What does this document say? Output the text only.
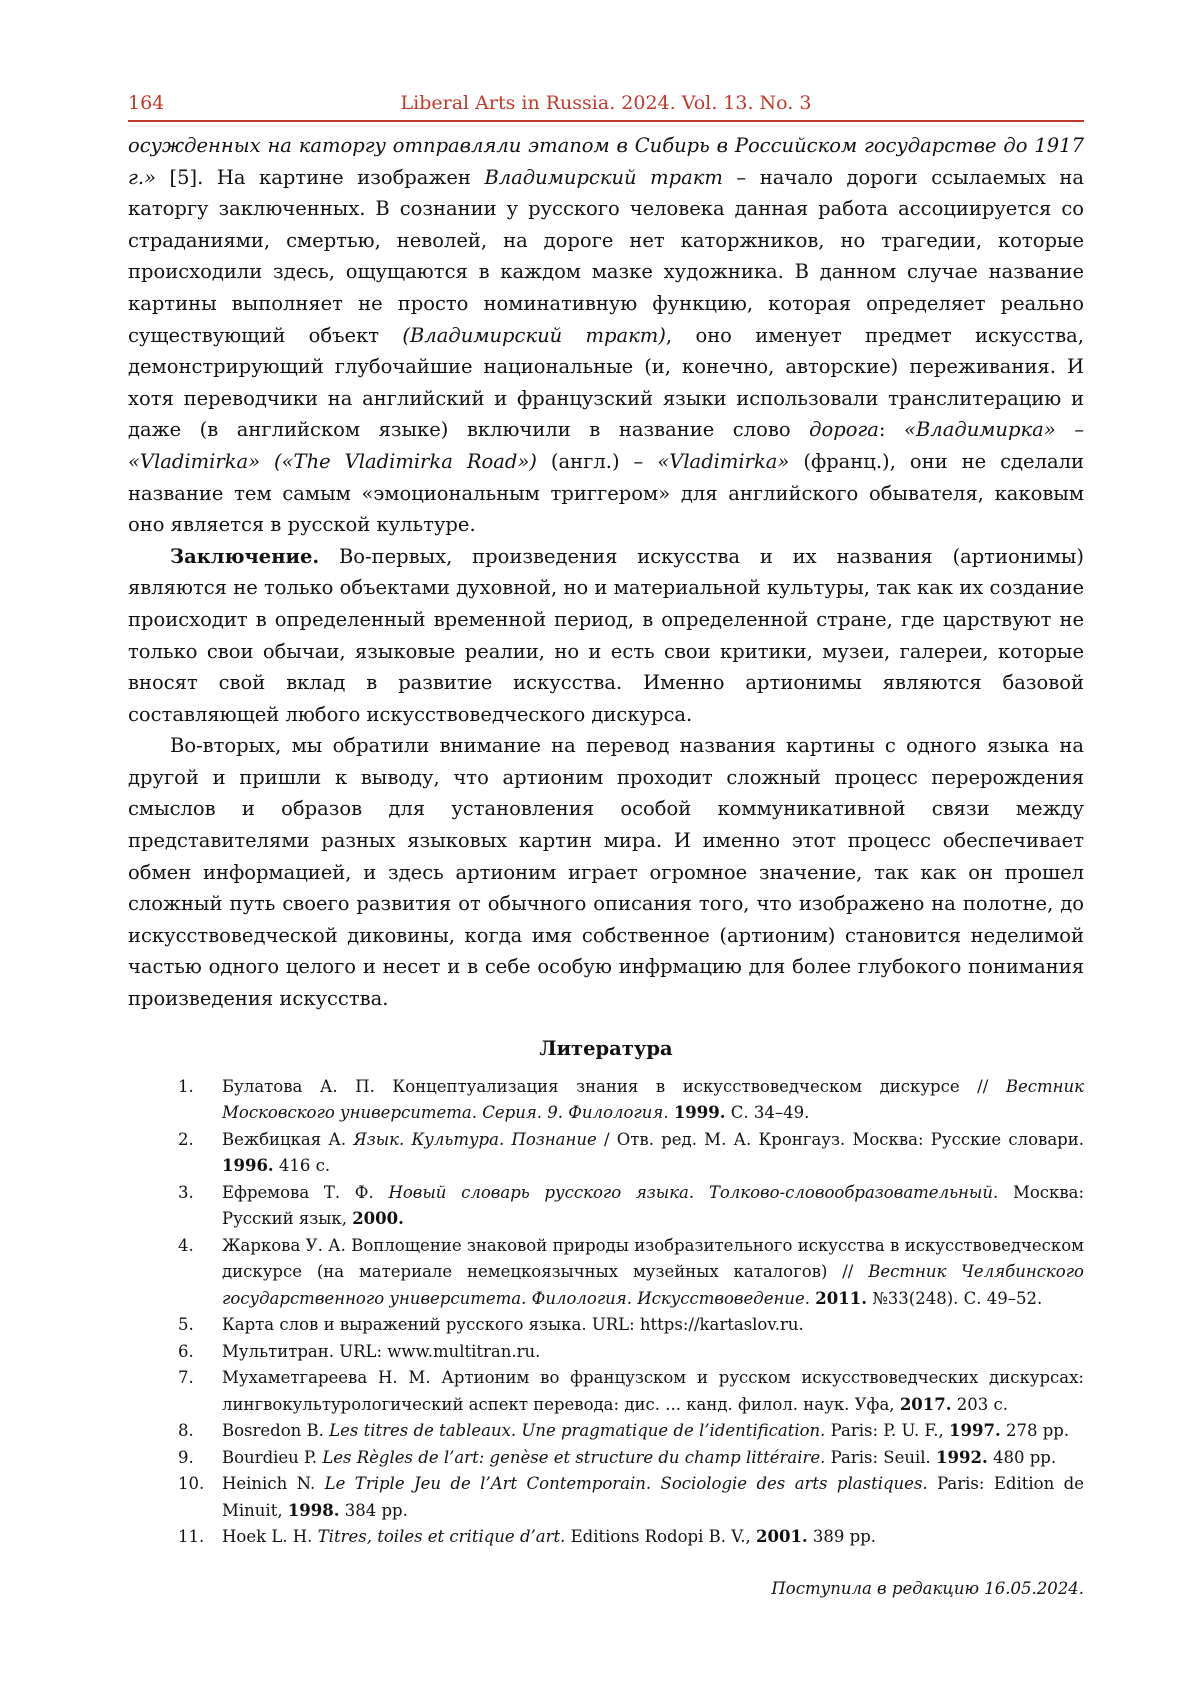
164	Liberal Arts in Russia. 2024. Vol. 13. No. 3

осужденных на каторгу отправляли этапом в Сибирь в Российском государстве до 1917 г.» [5]. На картине изображен Владимирский тракт – начало дороги ссылаемых на каторгу заключенных. В сознании у русского человека данная работа ассоциируется со страданиями, смертью, неволей, на дороге нет каторжников, но трагедии, которые происходили здесь, ощущаются в каждом мазке художника. В данном случае название картины выполняет не просто номинативную функцию, которая определяет реально существующий объект (Владимирский тракт), оно именует предмет искусства, демонстрирующий глубочайшие национальные (и, конечно, авторские) переживания. И хотя переводчики на английский и французский языки использовали транслитерацию и даже (в английском языке) включили в название слово дорога: «Владимирка» – «Vladimirka» («The Vladimirka Road») (англ.) – «Vladimirka» (франц.), они не сделали название тем самым «эмоциональным триггером» для английского обывателя, каковым оно является в русской культуре.

Заключение. Во-первых, произведения искусства и их названия (артионимы) являются не только объектами духовной, но и материальной культуры, так как их создание происходит в определенный временной период, в определенной стране, где царствуют не только свои обычаи, языковые реалии, но и есть свои критики, музеи, галереи, которые вносят свой вклад в развитие искусства. Именно артионимы являются базовой составляющей любого искусствоведческого дискурса.

Во-вторых, мы обратили внимание на перевод названия картины с одного языка на другой и пришли к выводу, что артионим проходит сложный процесс перерождения смыслов и образов для установления особой коммуникативной связи между представителями разных языковых картин мира. И именно этот процесс обеспечивает обмен информацией, и здесь артионим играет огромное значение, так как он прошел сложный путь своего развития от обычного описания того, что изображено на полотне, до искусствоведческой диковины, когда имя собственное (артионим) становится неделимой частью одного целого и несет и в себе особую инфрмацию для более глубокого понимания произведения искусства.

Литература
1.	Булатова А. П. Концептуализация знания в искусствоведческом дискурсе // Вестник Московского университета. Серия. 9. Филология. 1999. С. 34–49.
2.	Вежбицкая А. Язык. Культура. Познание / Отв. ред. М. А. Кронгауз. Москва: Русские словари. 1996. 416 с.
3.	Ефремова Т. Ф. Новый словарь русского языка. Толково-словообразовательный. Москва: Русский язык, 2000.
4.	Жаркова У. А. Воплощение знаковой природы изобразительного искусства в искусствоведческом дискурсе (на материале немецкоязычных музейных каталогов) // Вестник Челябинского государственного университета. Филология. Искусствоведение. 2011. №33(248). С. 49–52.
5.	Карта слов и выражений русского языка. URL: https://kartaslov.ru.
6.	Мультитран. URL: www.multitran.ru.
7.	Мухаметгареева Н. М. Артионим во французском и русском искусствоведческих дискурсах: лингвокультурологический аспект перевода: дис. ... канд. филол. наук. Уфа, 2017. 203 с.
8.	Bosredon B. Les titres de tableaux. Une pragmatique de l’identification. Paris: P. U. F., 1997. 278 pp.
9.	Bourdieu P. Les Règles de l’art: genèse et structure du champ littéraire. Paris: Seuil. 1992. 480 pp.
10. Heinich N. Le Triple Jeu de l’Art Contemporain. Sociologie des arts plastiques. Paris: Edition de Minuit, 1998. 384 pp.
11. Hoek L. H. Titres, toiles et critique d’art. Editions Rodopi B. V., 2001. 389 pp.
Поступила в редакцию 16.05.2024.
